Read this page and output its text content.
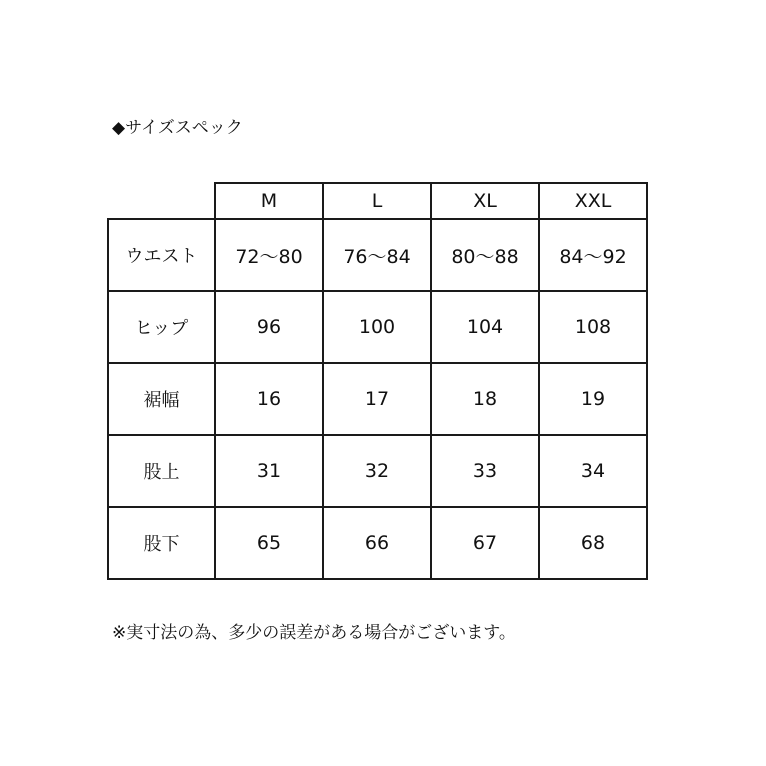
◆サイズスペック
	M	L	XL	XXL
ウエスト	72〜80	76〜84	80〜88	84〜92
ヒップ	96	100	104	108
裾幅	16	17	18	19
股上	31	32	33	34
股下	65	66	67	68
※実寸法の為、多少の誤差がある場合がございます。
